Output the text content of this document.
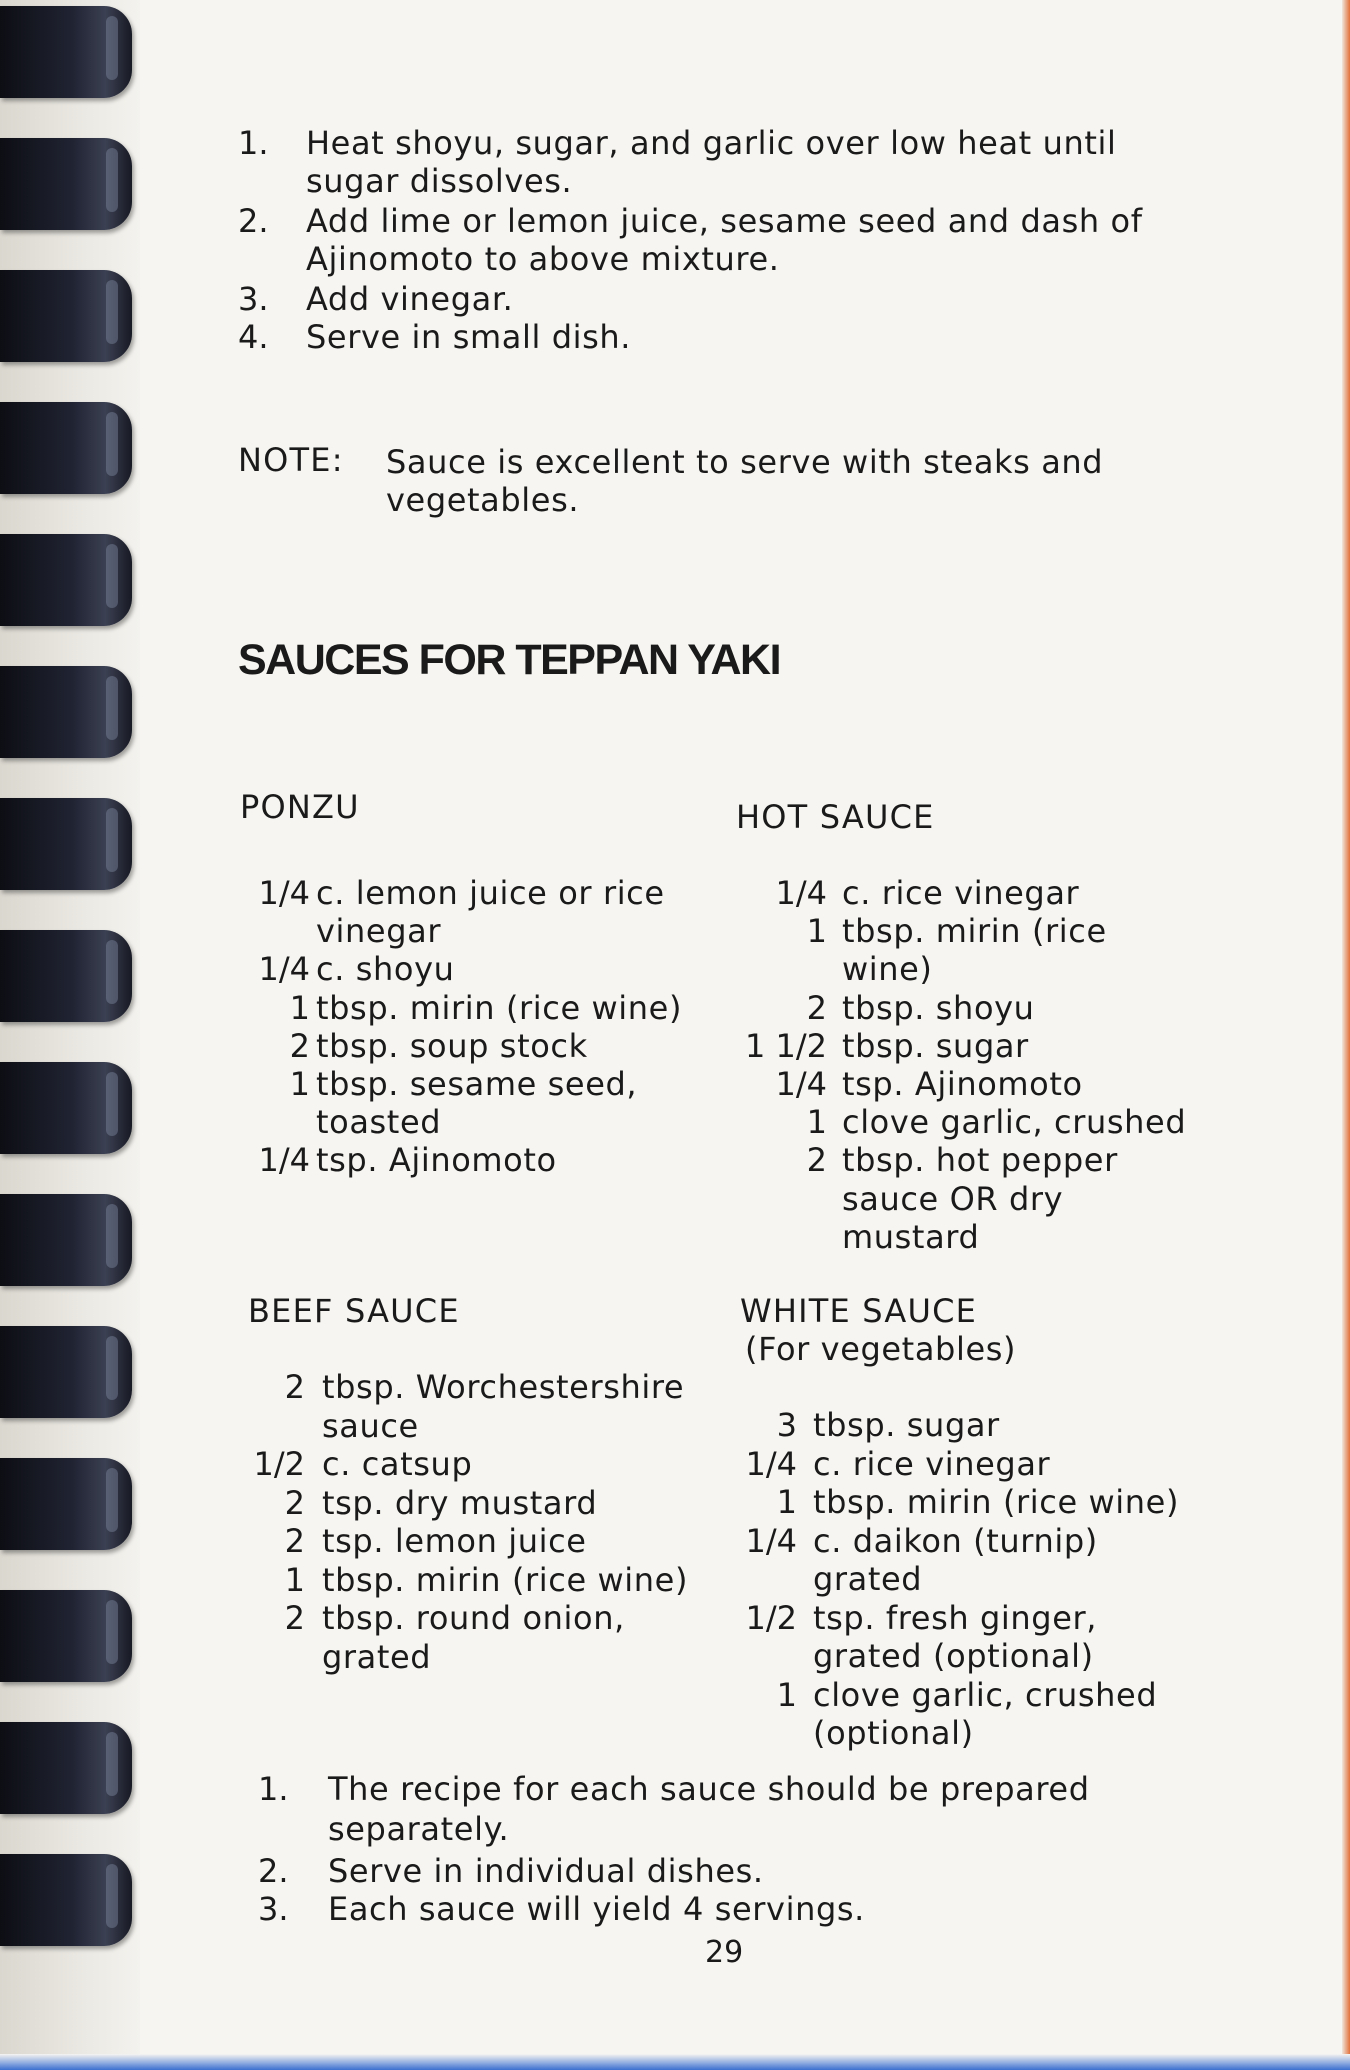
SAUCES FOR TEPPAN YAKI
NOTE:
PONZU	HOT SAUCE
BEEF SAUCE	WHITE SAUCE
(For vegetables)
29
1. Heat shoyu, sugar, and garlic over low heat until
sugar dissolves.
2. Add lime or lemon juice, sesame seed and dash of
Ajinomoto to above mixture.
3. Add vinegar.
4. Serve in small dish.
Sauce is excellent to serve with steaks and
vegetables.
1. The recipe for each sauce should be prepared
separately.
2. Serve in individual dishes.
3. Each sauce will yield 4 servings.
1/4 c. lemon juice or rice
vinegar
1/4 c. shoyu
1 tbsp. mirin (rice wine)
2 tbsp. soup stock
1 tbsp. sesame seed,
toasted
1/4 tsp. Ajinomoto
1/4 c. rice vinegar
1 tbsp. mirin (rice
wine)
2 tbsp. shoyu
1 1/2 tbsp. sugar
1/4 tsp. Ajinomoto
1 clove garlic, crushed
2 tbsp. hot pepper
sauce OR dry
mustard
2 tbsp. Worchestershire
sauce
1/2 c. catsup
2 tsp. dry mustard
2 tsp. lemon juice
1 tbsp. mirin (rice wine)
2 tbsp. round onion,
grated
3 tbsp. sugar
1/4 c. rice vinegar
1 tbsp. mirin (rice wine)
1/4 c. daikon (turnip)
grated
1/2 tsp. fresh ginger,
grated (optional)
1 clove garlic, crushed
(optional)
